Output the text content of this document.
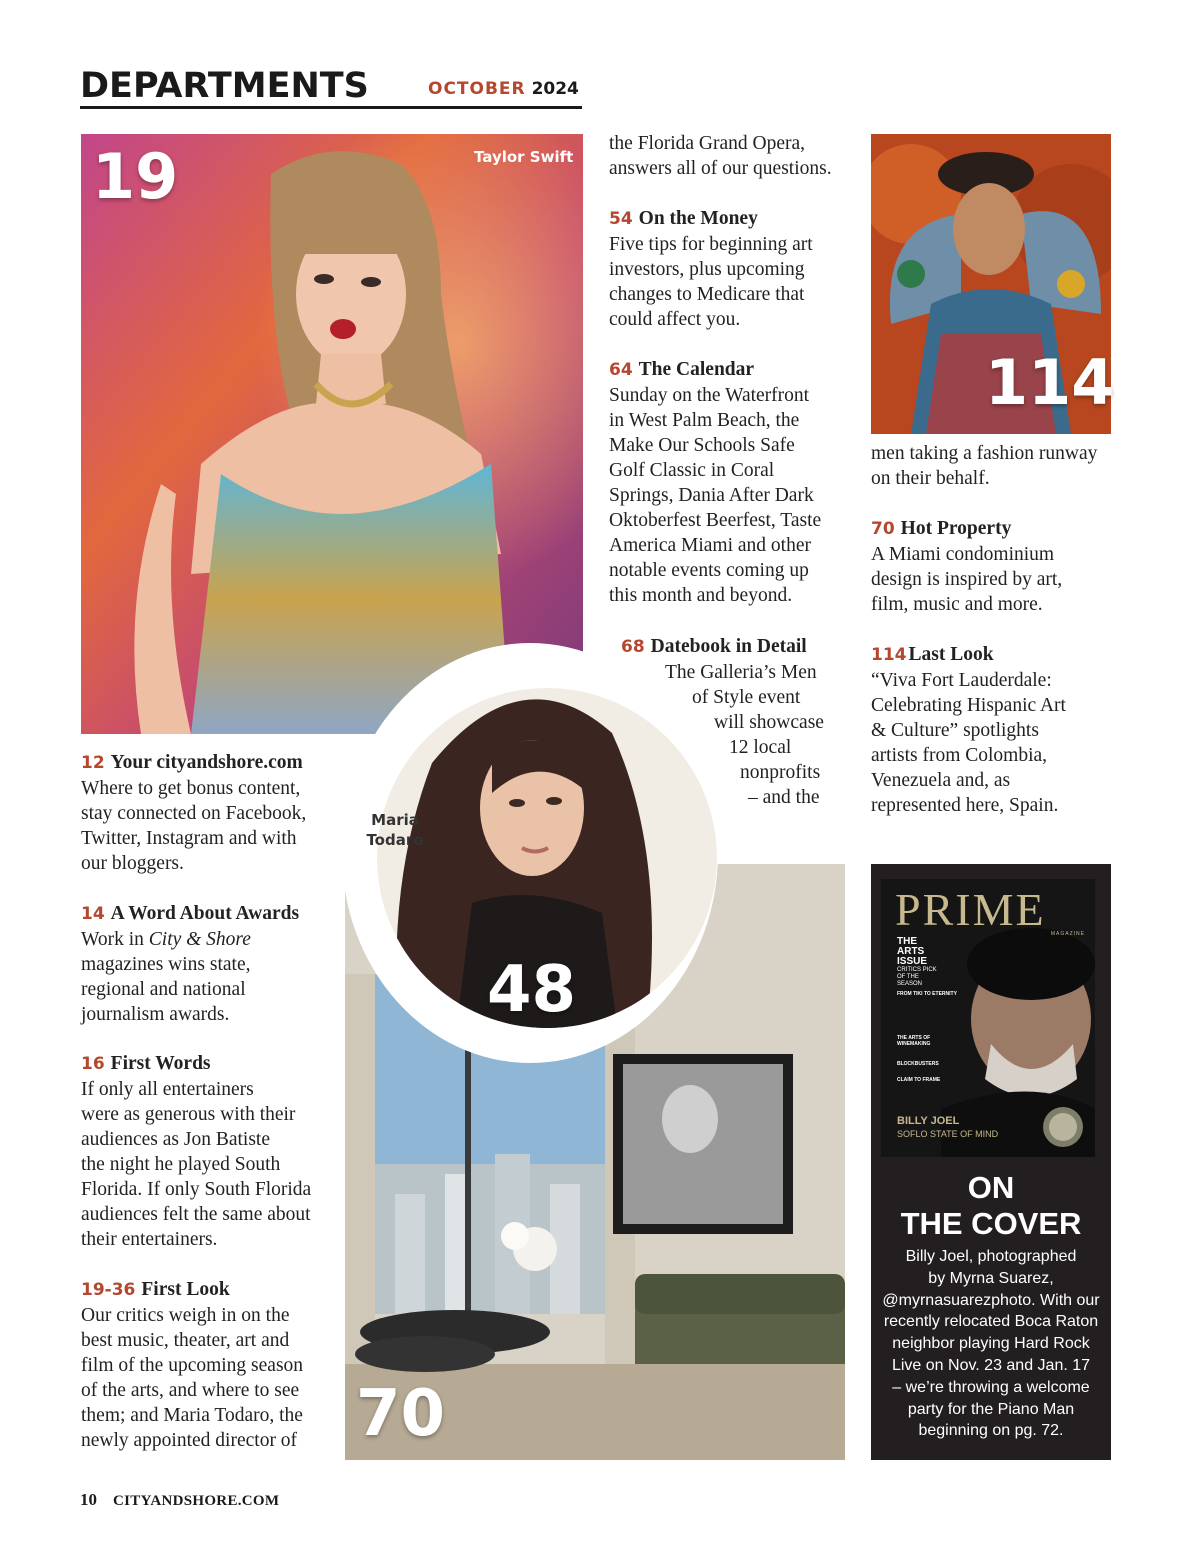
DEPARTMENTS	OCTOBER 2024
19	Taylor Swift
114
70
Maria
Todaro
48

12 Your cityandshore.com

Where to get bonus content,
stay connected on Facebook,
Twitter, Instagram and with
our bloggers.

14 A Word About Awards

Work in City & Shore
magazines wins state,
regional and national
journalism awards.

16 First Words

If only all entertainers
were as generous with their
audiences as Jon Batiste
the night he played South
Florida. If only South Florida
audiences felt the same about
their entertainers.

19-36 First Look

Our critics weigh in on the
best music, theater, art and
film of the upcoming season
of the arts, and where to see
them; and Maria Todaro, the
newly appointed director of

the Florida Grand Opera,
answers all of our questions.

54 On the Money

Five tips for beginning art
investors, plus upcoming
changes to Medicare that
could affect you.

64 The Calendar

Sunday on the Waterfront
in West Palm Beach, the
Make Our Schools Safe
Golf Classic in Coral
Springs, Dania After Dark
Oktoberfest Beerfest, Taste
America Miami and other
notable events coming up
this month and beyond.

68 Datebook in Detail

The Galleria’s Men

of Style event

will showcase

12 local

nonprofits

– and the

men taking a fashion runway
on their behalf.

70 Hot Property

A Miami condominium
design is inspired by art,
film, music and more.

114 Last Look

“Viva Fort Lauderdale:
Celebrating Hispanic Art
& Culture” spotlights
artists from Colombia,
Venezuela and, as
represented here, Spain.

PRIME MAGAZINE
THE
ARTS
ISSUE
CRITICS PICK OF THE SEASON
FROM TIKI TO ETERNITY
THE ARTS OF WINEMAKING
BLOCKBUSTERS
CLAIM TO FRAME
BILLY JOEL
SOFLO STATE OF MIND
ON
THE COVER
Billy Joel, photographed
by Myrna Suarez,
@myrnasuarezphoto. With our
recently relocated Boca Raton
neighbor playing Hard Rock
Live on Nov. 23 and Jan. 17
– we’re throwing a welcome
party for the Piano Man
beginning on pg. 72.
10 CITYANDSHORE.COM
